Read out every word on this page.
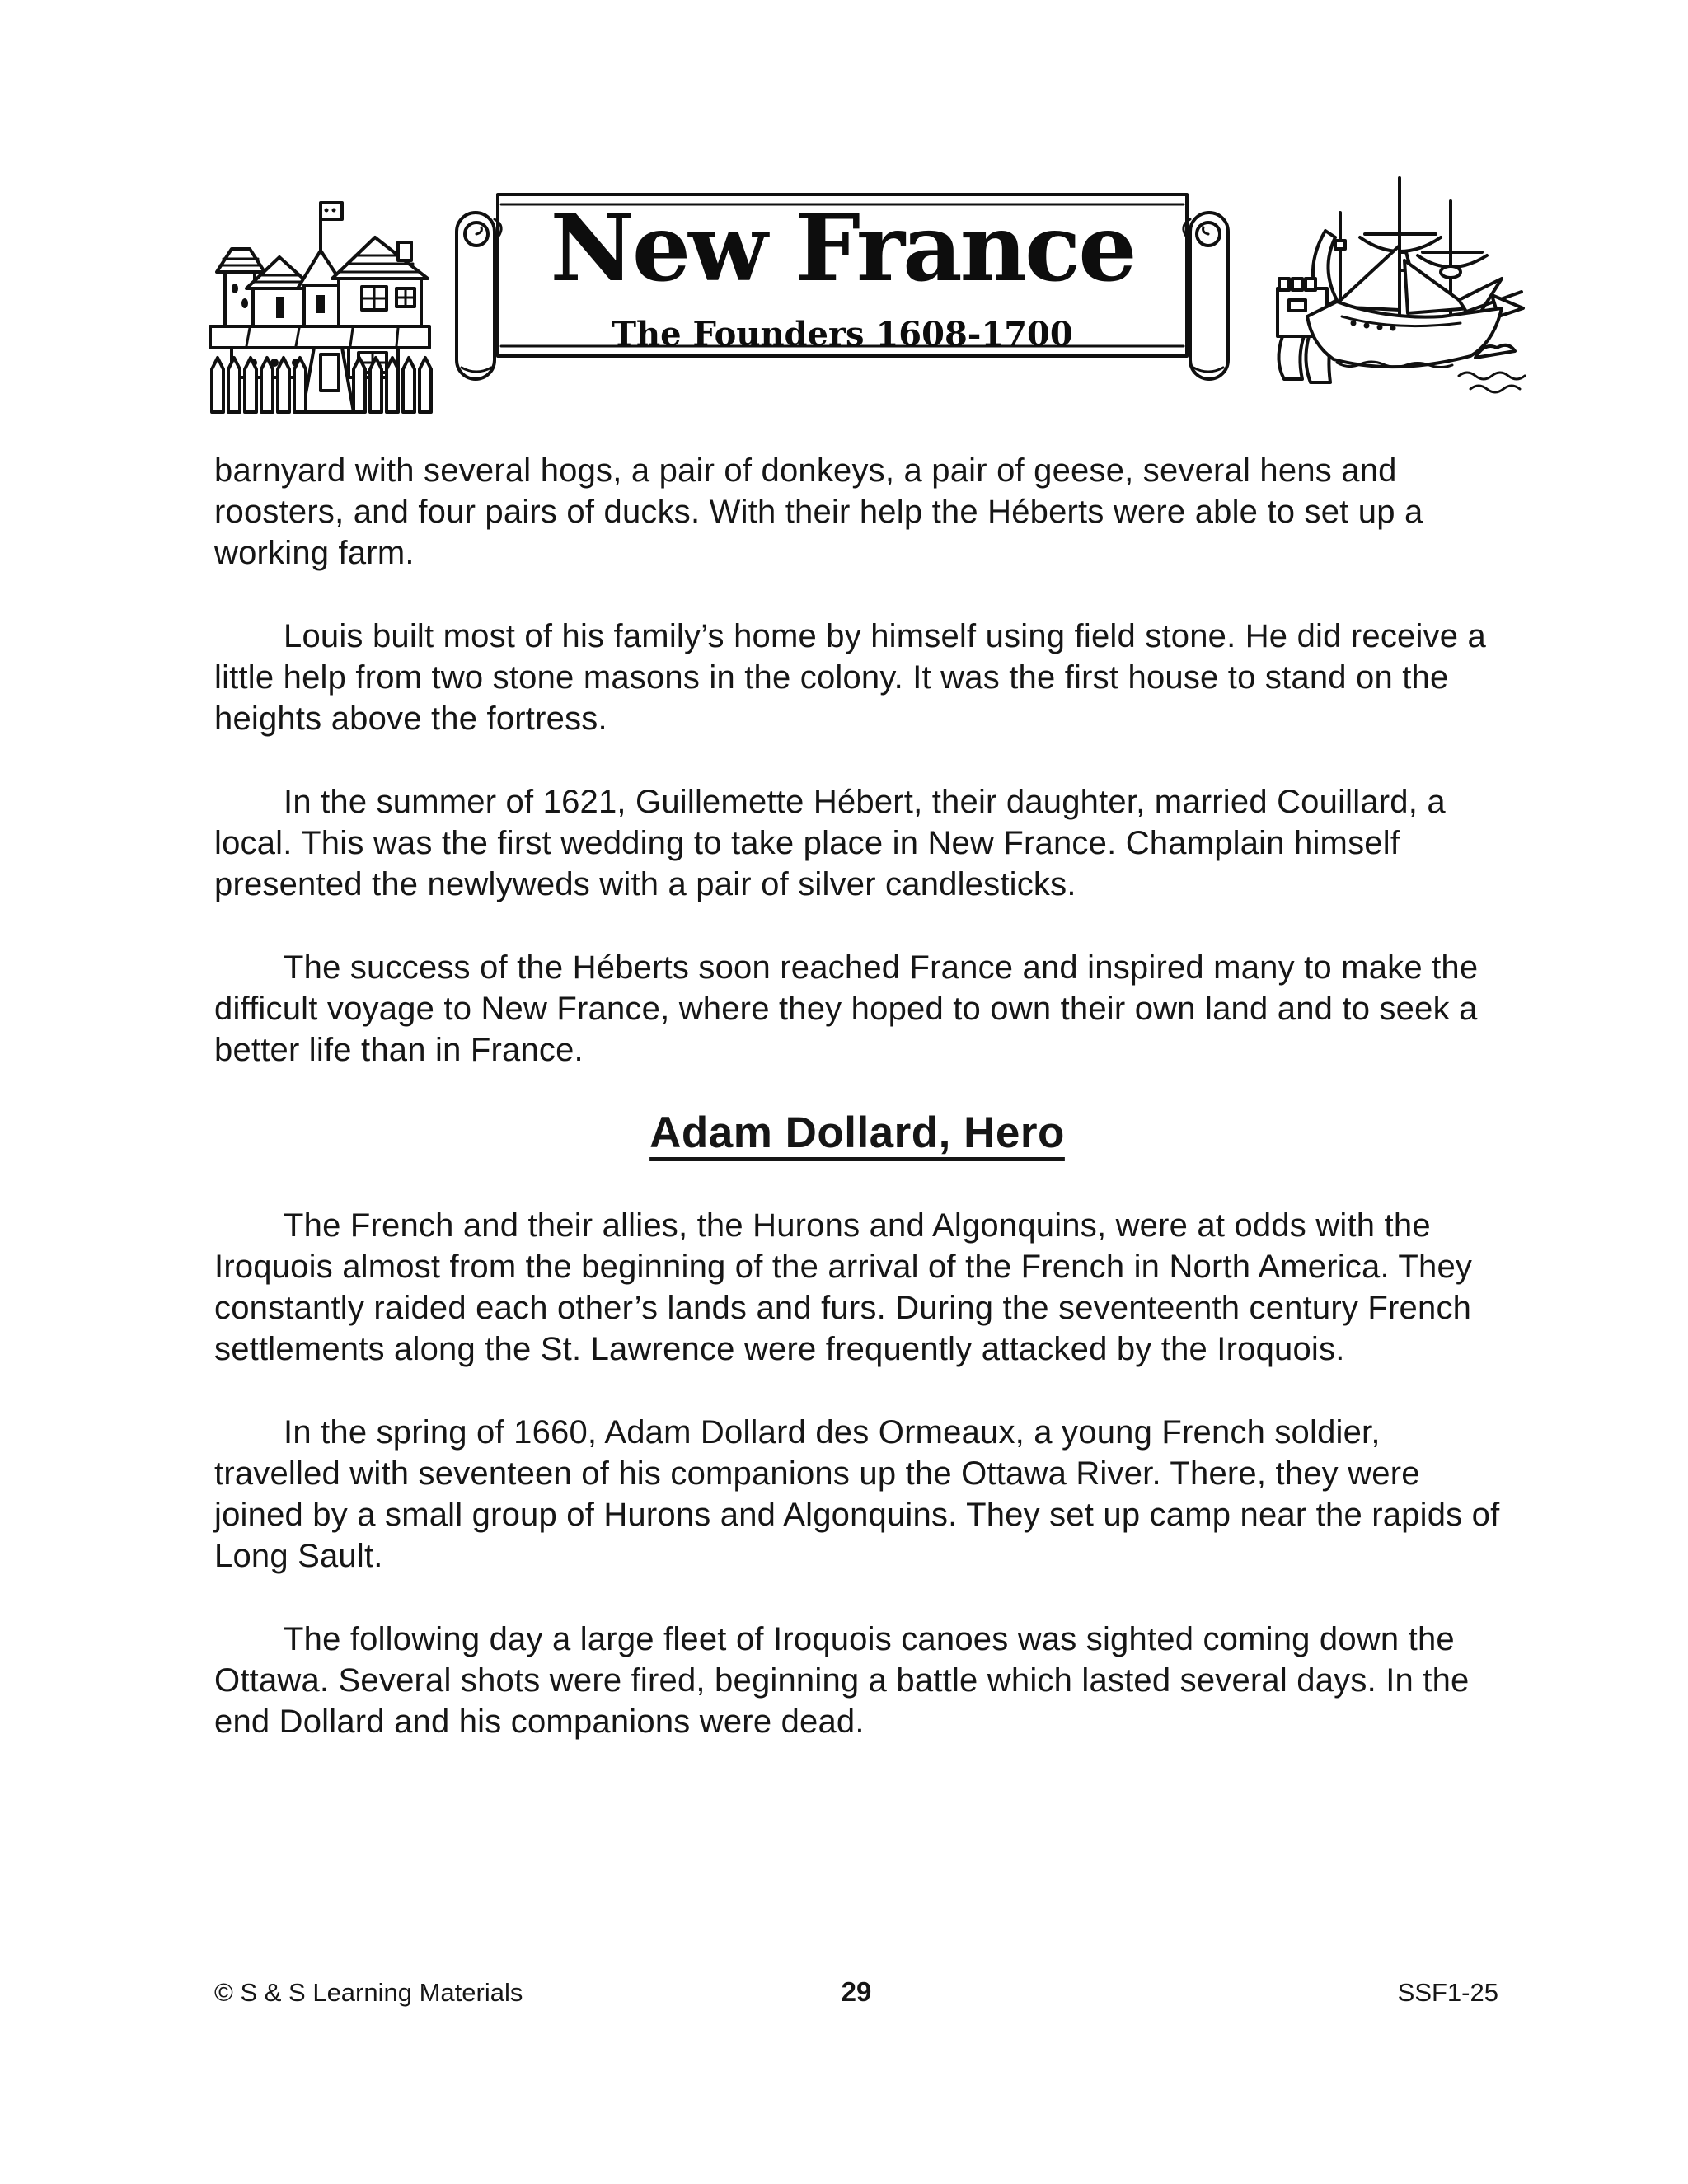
New France
The Founders 1608-1700

barnyard with several hogs, a pair of donkeys, a pair of geese, several hens and roosters, and four pairs of ducks. With their help the Héberts were able to set up a working farm.

Louis built most of his family’s home by himself using field stone. He did receive a little help from two stone masons in the colony. It was the first house to stand on the heights above the fortress.

In the summer of 1621, Guillemette Hébert, their daughter, married Couillard, a local. This was the first wedding to take place in New France. Champlain himself presented the newlyweds with a pair of silver candlesticks.

The success of the Héberts soon reached France and inspired many to make the difficult voyage to New France, where they hoped to own their own land and to seek a better life than in France.

Adam Dollard, Hero

The French and their allies, the Hurons and Algonquins, were at odds with the Iroquois almost from the beginning of the arrival of the French in North America. They constantly raided each other’s lands and furs. During the seventeenth century French settlements along the St. Lawrence were frequently attacked by the Iroquois.

In the spring of 1660, Adam Dollard des Ormeaux, a young French soldier, travelled with seventeen of his companions up the Ottawa River. There, they were joined by a small group of Hurons and Algonquins. They set up camp near the rapids of Long Sault.

The following day a large fleet of Iroquois canoes was sighted coming down the Ottawa. Several shots were fired, beginning a battle which lasted several days. In the end Dollard and his companions were dead.

© S & S Learning Materials	29	SSF1-25
